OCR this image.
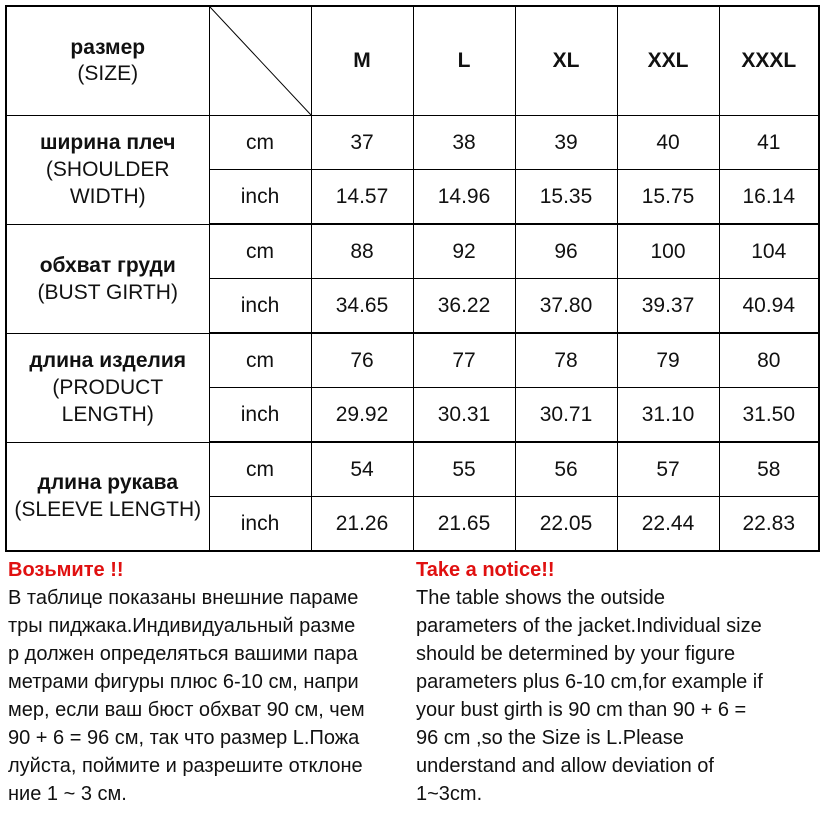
размер
(SIZE)		M	L	XL	XXL	XXXL

ширина плеч
(SHOULDER WIDTH)	cm	37	38	39	40	41
	inch	14.57	14.96	15.35	15.75	16.14

обхват груди
(BUST GIRTH)	cm	88	92	96	100	104
	inch	34.65	36.22	37.80	39.37	40.94

длина изделия
(PRODUCT LENGTH)	cm	76	77	78	79	80
	inch	29.92	30.31	30.71	31.10	31.50

длина рукава
(SLEEVE LENGTH)	cm	54	55	56	57	58
	inch	21.26	21.65	22.05	22.44	22.83
Возьмите !!
В таблице показаны внешние параме
тры пиджака.Индивидуальный разме
р должен определяться вашими пара
метрами фигуры плюс 6-10 см, напри
мер, если ваш бюст обхват 90 см, чем
90 + 6 = 96 см, так что размер L.Пожа
луйста, поймите и разрешите отклоне
ние 1 ~ 3 см.
Take a notice!!
The table shows the outside
parameters of the jacket.Individual size
should be determined by your figure
parameters plus 6-10 cm,for example if
your bust girth is 90 cm than 90 + 6 =
96 cm ,so the Size is L.Please
understand and allow deviation of
1~3cm.
